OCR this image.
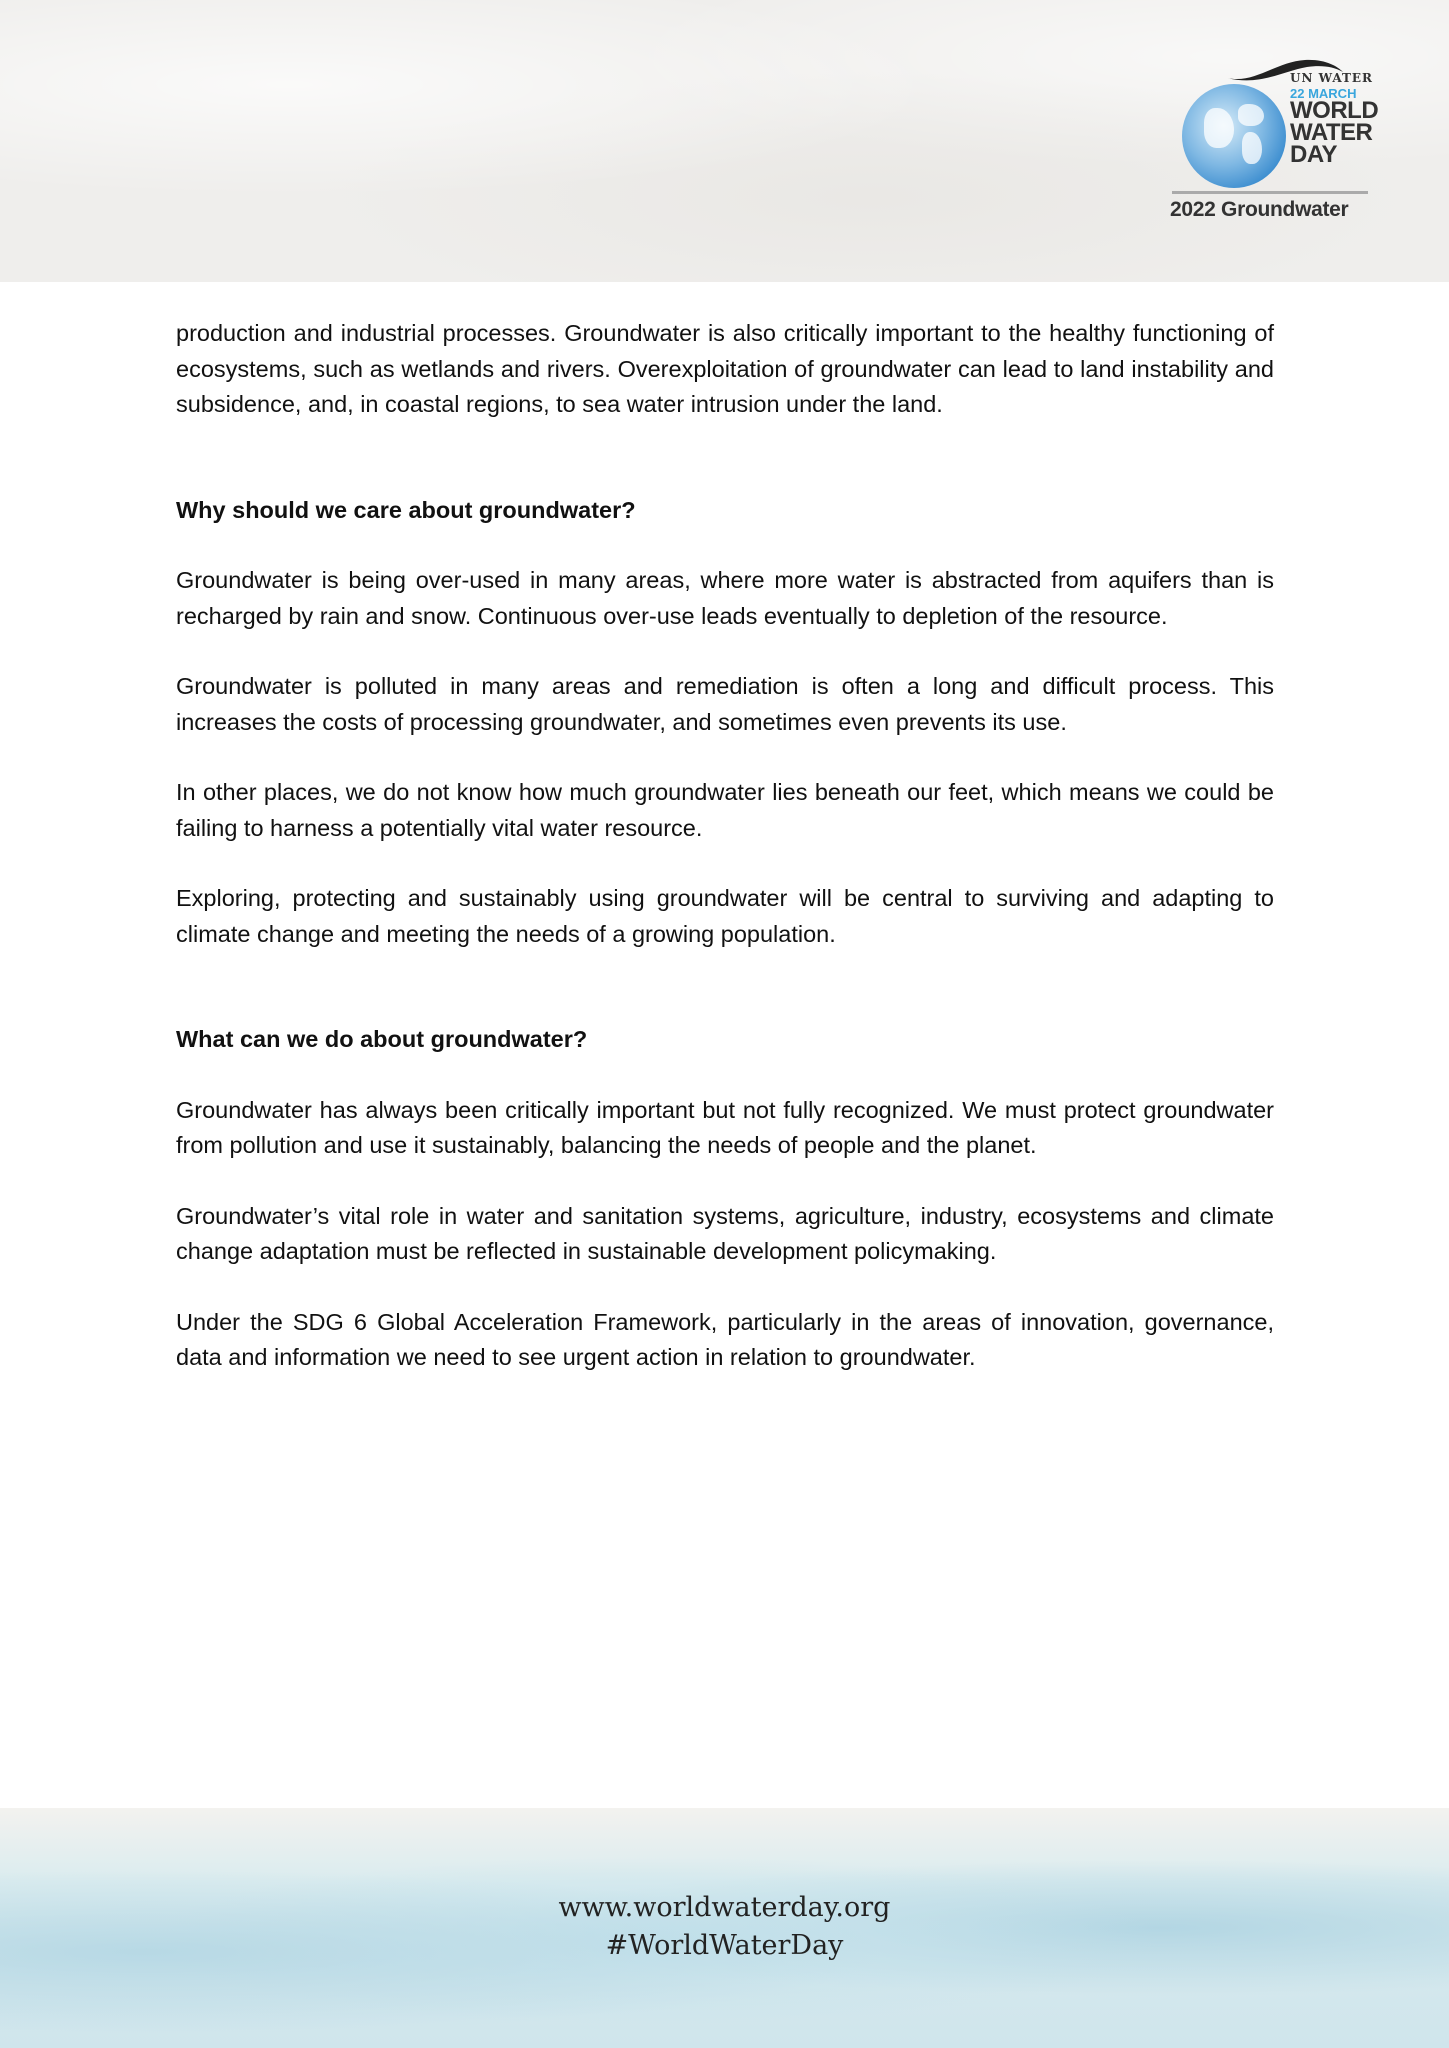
UN WATER
22 MARCH
WORLD
WATER
DAY
2022 Groundwater

production and industrial processes. Groundwater is also critically important to the healthy functioning of ecosystems, such as wetlands and rivers. Overexploitation of groundwater can lead to land instability and subsidence, and, in coastal regions, to sea water intrusion under the land.

Why should we care about groundwater?

Groundwater is being over-used in many areas, where more water is abstracted from aquifers than is recharged by rain and snow. Continuous over-use leads eventually to depletion of the resource.

Groundwater is polluted in many areas and remediation is often a long and difficult process. This increases the costs of processing groundwater, and sometimes even prevents its use.

In other places, we do not know how much groundwater lies beneath our feet, which means we could be failing to harness a potentially vital water resource.

Exploring, protecting and sustainably using groundwater will be central to surviving and adapting to climate change and meeting the needs of a growing population.

What can we do about groundwater?

Groundwater has always been critically important but not fully recognized. We must protect groundwater from pollution and use it sustainably, balancing the needs of people and the planet.

Groundwater’s vital role in water and sanitation systems, agriculture, industry, ecosystems and climate change adaptation must be reflected in sustainable development policymaking.

Under the SDG 6 Global Acceleration Framework, particularly in the areas of innovation, governance, data and information we need to see urgent action in relation to groundwater.

www.worldwaterday.org
#WorldWaterDay
